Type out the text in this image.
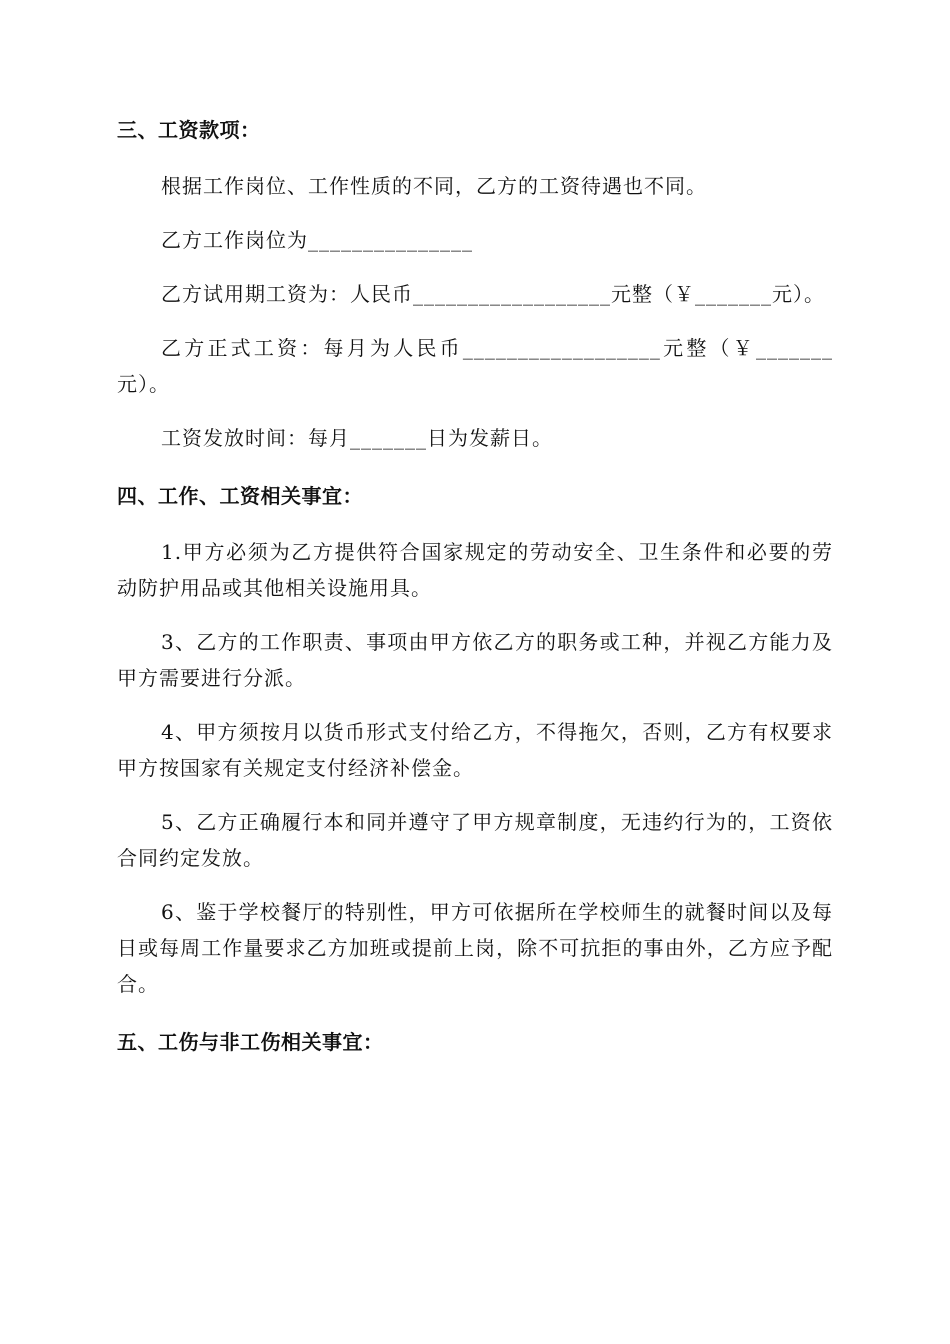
三、工资款项：

根据工作岗位、工作性质的不同，乙方的工资待遇也不同。

乙方工作岗位为_______________

乙方试用期工资为：人民币__________________元整（￥_______元）。

乙方正式工资：每月为人民币__________________元整（￥_______元）。

工资发放时间：每月_______日为发薪日。

四、工作、工资相关事宜：

1.甲方必须为乙方提供符合国家规定的劳动安全、卫生条件和必要的劳动防护用品或其他相关设施用具。

3、乙方的工作职责、事项由甲方依乙方的职务或工种，并视乙方能力及甲方需要进行分派。

4、甲方须按月以货币形式支付给乙方，不得拖欠，否则，乙方有权要求甲方按国家有关规定支付经济补偿金。

5、乙方正确履行本和同并遵守了甲方规章制度，无违约行为的，工资依合同约定发放。

6、鉴于学校餐厅的特别性，甲方可依据所在学校师生的就餐时间以及每日或每周工作量要求乙方加班或提前上岗，除不可抗拒的事由外，乙方应予配合。

五、工伤与非工伤相关事宜：
